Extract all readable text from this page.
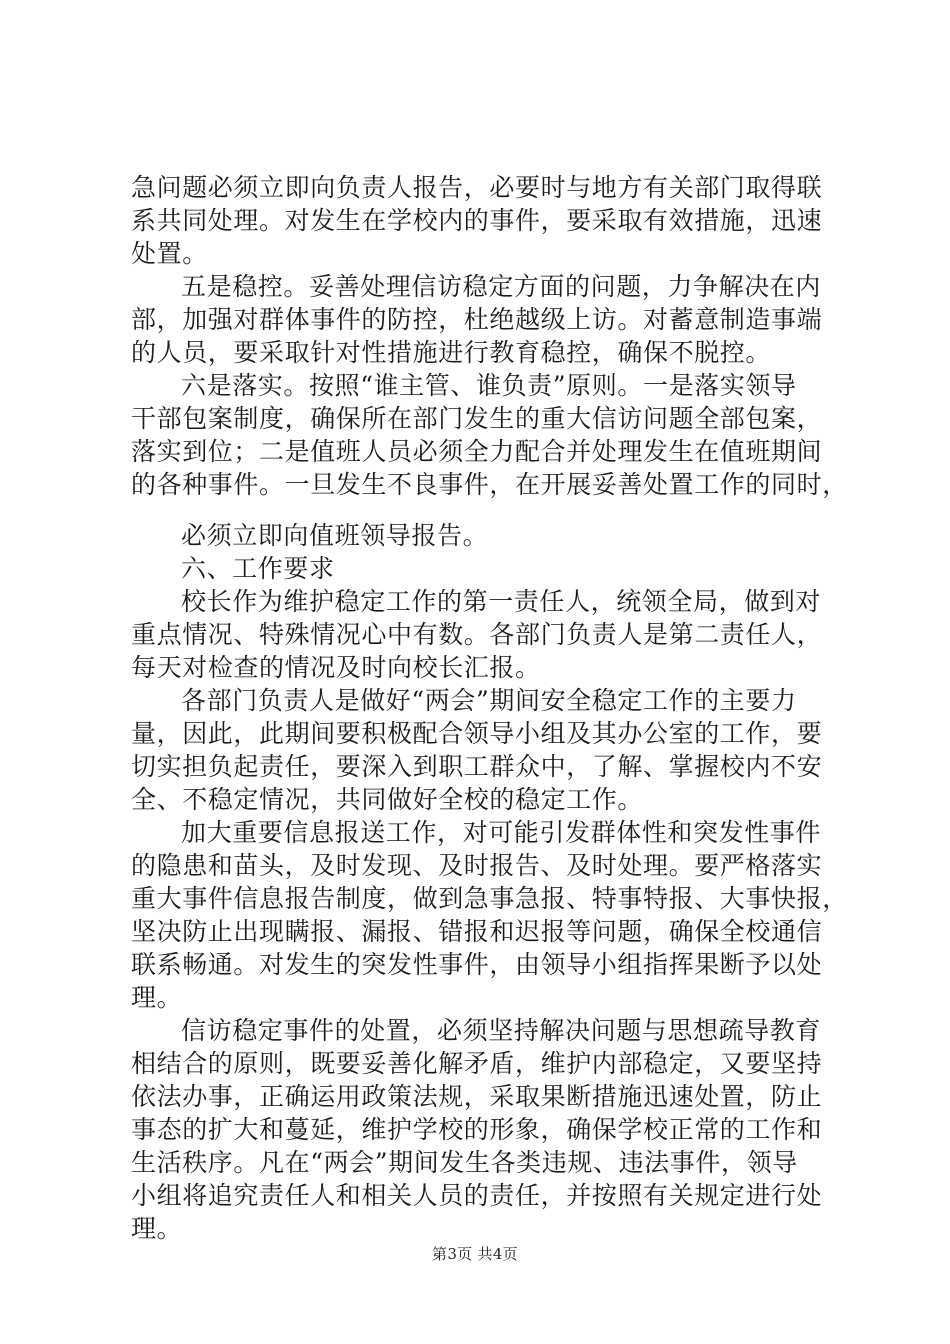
急问题必须立即向负责人报告，必要时与地方有关部门取得联
系共同处理。对发生在学校内的事件，要采取有效措施，迅速
处置。
五是稳控。妥善处理信访稳定方面的问题，力争解决在内
部，加强对群体事件的防控，杜绝越级上访。对蓄意制造事端
的人员，要采取针对性措施进行教育稳控，确保不脱控。
六是落实。按照“谁主管、谁负责”原则。一是落实领导
干部包案制度，确保所在部门发生的重大信访问题全部包案，
落实到位；二是值班人员必须全力配合并处理发生在值班期间
的各种事件。一旦发生不良事件，在开展妥善处置工作的同时，
必须立即向值班领导报告。
六、工作要求
校长作为维护稳定工作的第一责任人，统领全局，做到对
重点情况、特殊情况心中有数。各部门负责人是第二责任人，
每天对检查的情况及时向校长汇报。
各部门负责人是做好“两会”期间安全稳定工作的主要力
量，因此，此期间要积极配合领导小组及其办公室的工作，要
切实担负起责任，要深入到职工群众中，了解、掌握校内不安
全、不稳定情况，共同做好全校的稳定工作。
加大重要信息报送工作，对可能引发群体性和突发性事件
的隐患和苗头，及时发现、及时报告、及时处理。要严格落实
重大事件信息报告制度，做到急事急报、特事特报、大事快报，
坚决防止出现瞒报、漏报、错报和迟报等问题，确保全校通信
联系畅通。对发生的突发性事件，由领导小组指挥果断予以处
理。
信访稳定事件的处置，必须坚持解决问题与思想疏导教育
相结合的原则，既要妥善化解矛盾，维护内部稳定，又要坚持
依法办事，正确运用政策法规，采取果断措施迅速处置，防止
事态的扩大和蔓延，维护学校的形象，确保学校正常的工作和
生活秩序。凡在“两会”期间发生各类违规、违法事件，领导
小组将追究责任人和相关人员的责任，并按照有关规定进行处
理。
第3页 共4页
